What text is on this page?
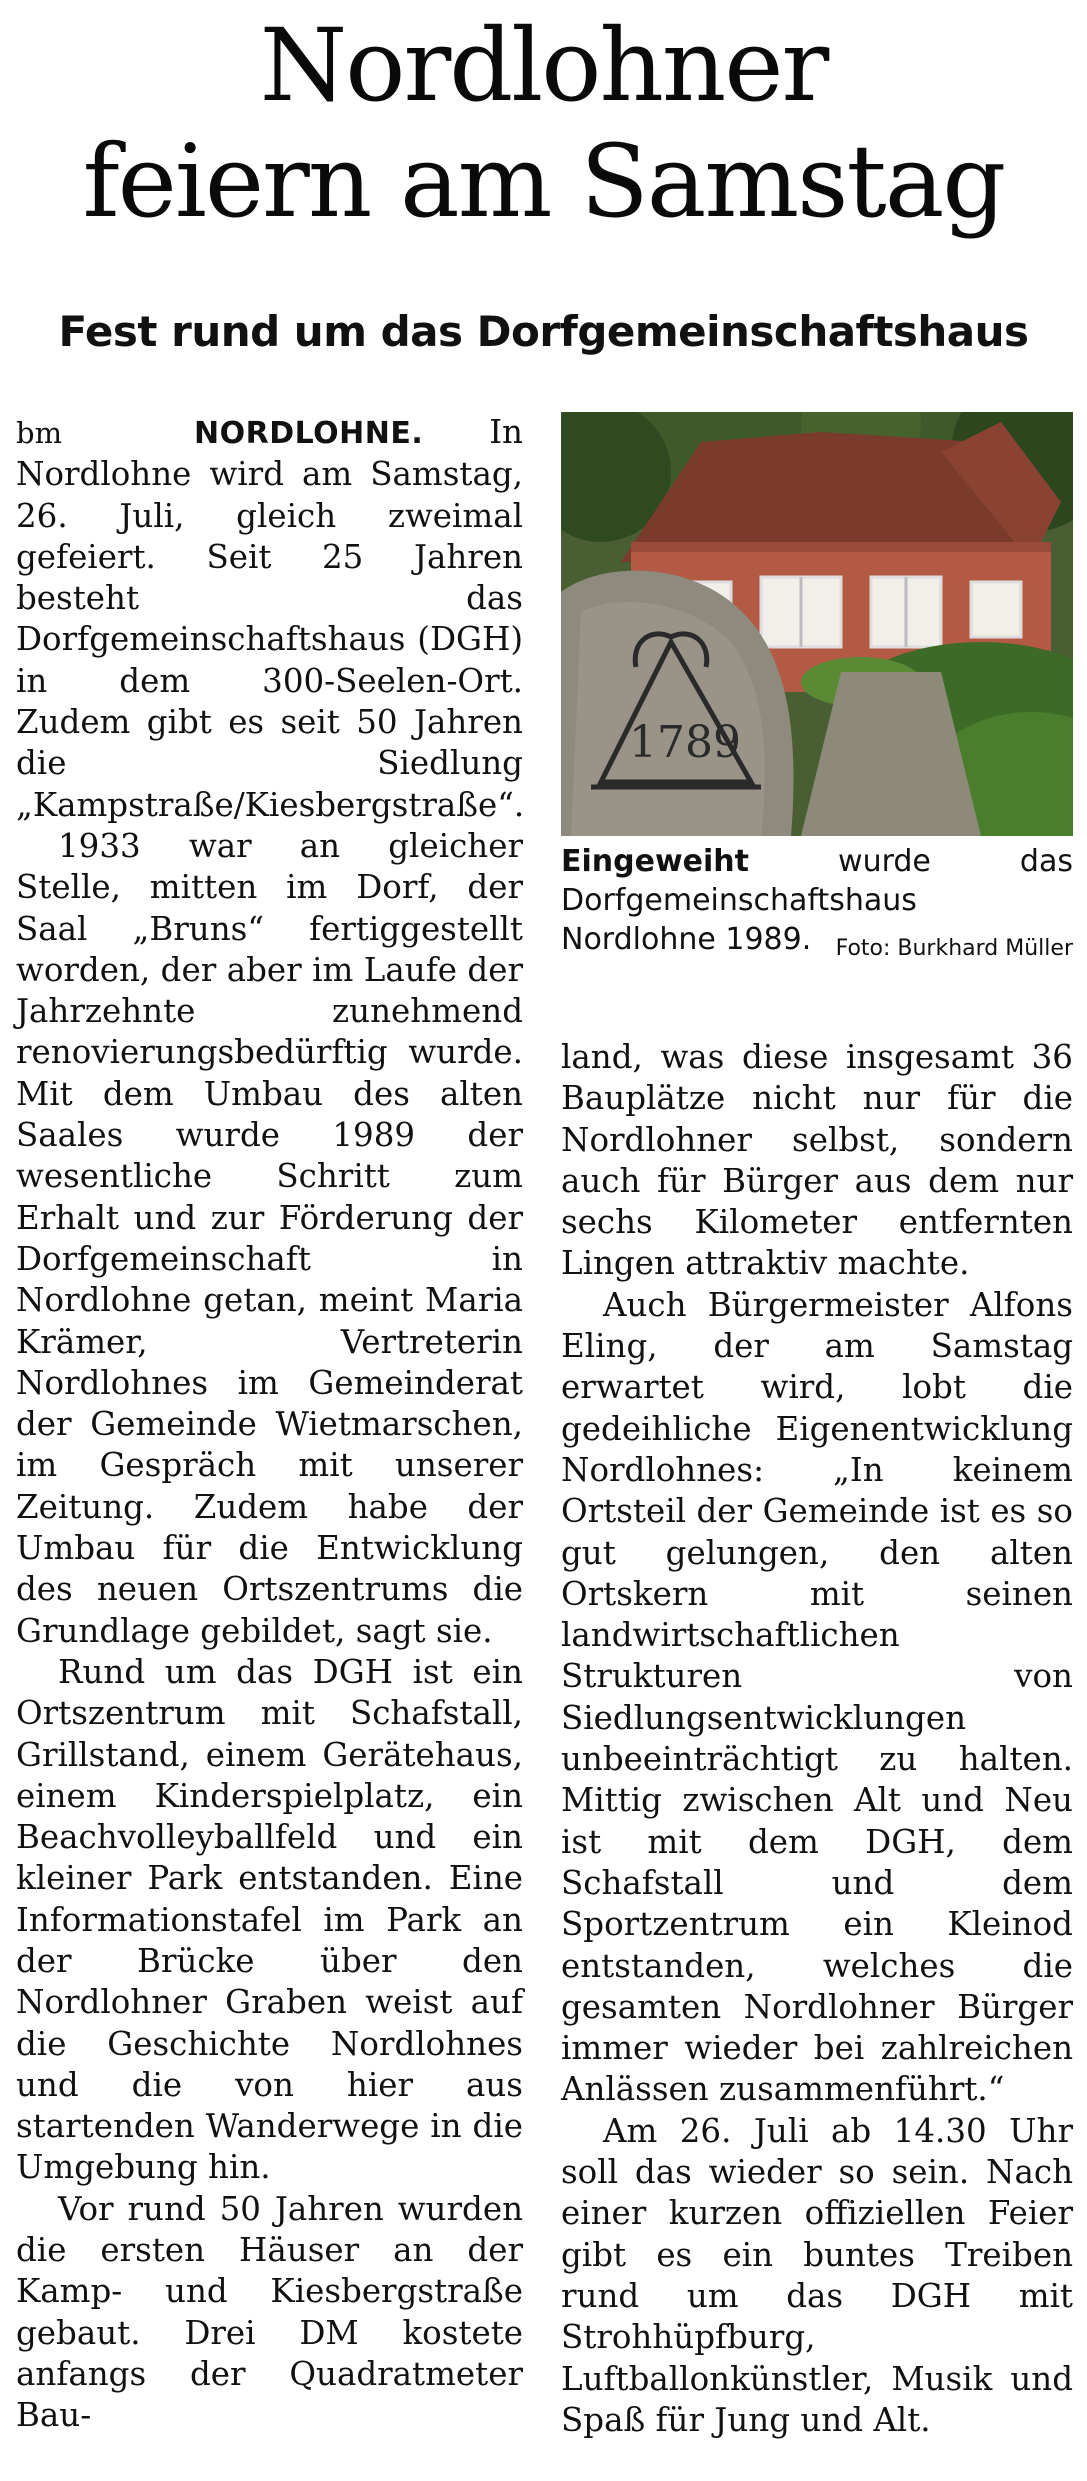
Nordlohner
feiern am Samstag
Fest rund um das Dorfgemeinschaftshaus

bm	NORDLOHNE. In Nordlohne wird am Samstag, 26. Juli, gleich zweimal gefeiert. Seit 25 Jahren besteht das Dorfgemeinschaftshaus (DGH) in dem 300-Seelen-Ort. Zudem gibt es seit 50 Jahren die Siedlung „Kampstraße/Kiesbergstraße“.

1933 war an gleicher Stelle, mitten im Dorf, der Saal „Bruns“ fertiggestellt worden, der aber im Laufe der Jahrzehnte zunehmend renovierungsbedürftig wurde. Mit dem Umbau des alten Saales wurde 1989 der wesentliche Schritt zum Erhalt und zur Förderung der Dorfgemeinschaft in Nordlohne getan, meint Maria Krämer, Vertreterin Nordlohnes im Gemeinderat der Gemeinde Wietmarschen, im Gespräch mit unserer Zeitung. Zudem habe der Umbau für die Entwicklung des neuen Ortszentrums die Grundlage gebildet, sagt sie.

Rund um das DGH ist ein Ortszentrum mit Schafstall, Grillstand, einem Gerätehaus, einem Kinderspielplatz, ein Beachvolleyballfeld und ein kleiner Park entstanden. Eine Informationstafel im Park an der Brücke über den Nordlohner Graben weist auf die Geschichte Nordlohnes und die von hier aus startenden Wanderwege in die Umgebung hin.

Vor rund 50 Jahren wurden die ersten Häuser an der Kamp- und Kiesbergstraße gebaut. Drei DM kostete anfangs der Quadratmeter Bau-

1789
Eingeweiht wurde das Dorfgemeinschaftshaus Nordlohne 1989. Foto: Burkhard Müller

land, was diese insgesamt 36 Bauplätze nicht nur für die Nordlohner selbst, sondern auch für Bürger aus dem nur sechs Kilometer entfernten Lingen attraktiv machte.

Auch Bürgermeister Alfons Eling, der am Samstag erwartet wird, lobt die gedeihliche Eigenentwicklung Nordlohnes: „In keinem Ortsteil der Gemeinde ist es so gut gelungen, den alten Ortskern mit seinen landwirtschaftlichen Strukturen von Siedlungsentwicklungen unbeeinträchtigt zu halten. Mittig zwischen Alt und Neu ist mit dem DGH, dem Schafstall und dem Sportzentrum ein Kleinod entstanden, welches die gesamten Nordlohner Bürger immer wieder bei zahlreichen Anlässen zusammenführt.“

Am 26. Juli ab 14.30 Uhr soll das wieder so sein. Nach einer kurzen offiziellen Feier gibt es ein buntes Treiben rund um das DGH mit Strohhüpfburg, Luftballonkünstler, Musik und Spaß für Jung und Alt.
